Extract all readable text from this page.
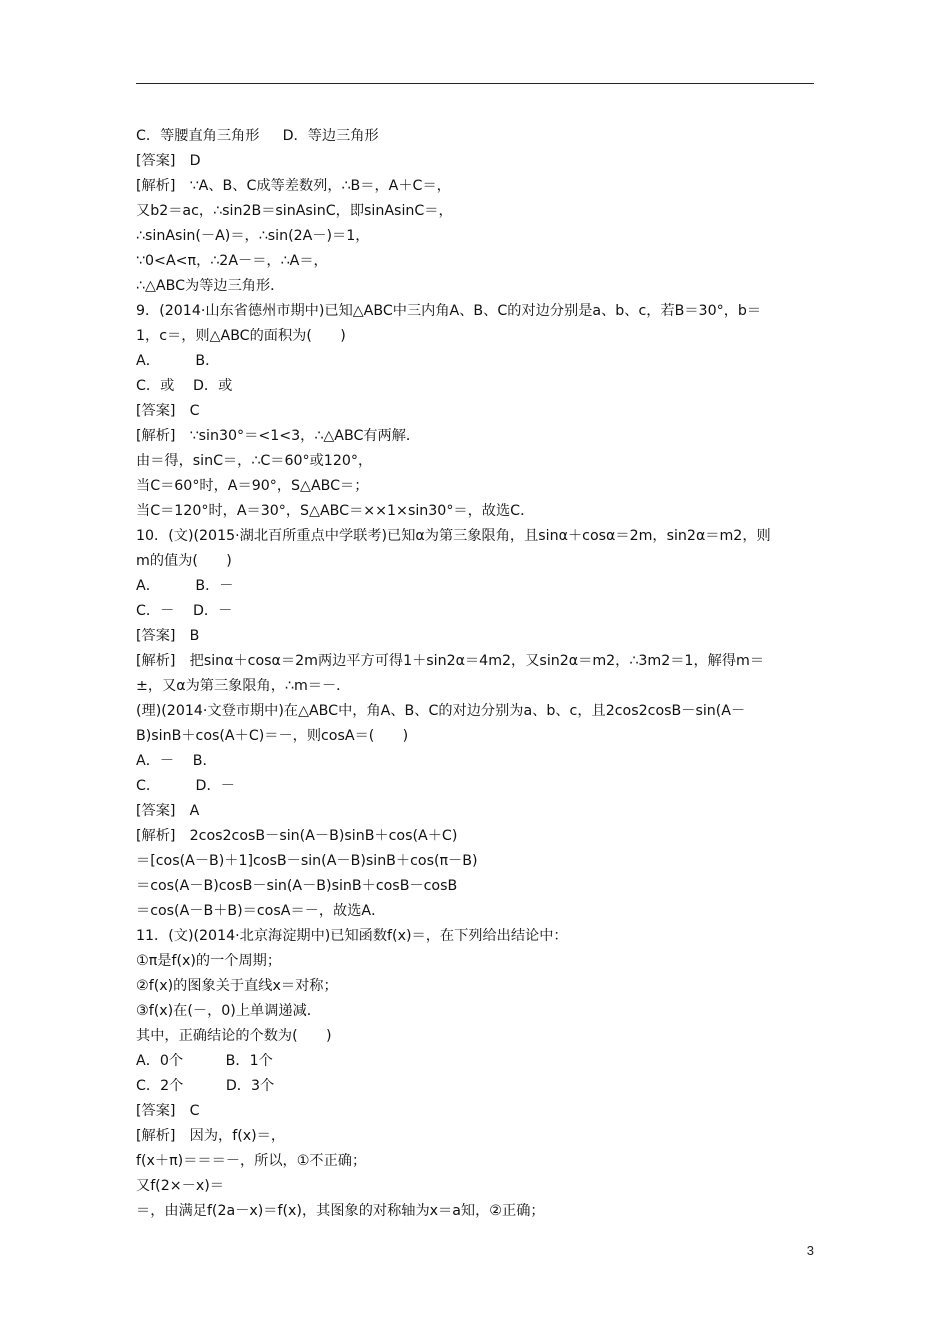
C．等腰直角三角形　  D．等边三角形
[答案]　D
[解析]　∵A、B、C成等差数列，∴B＝，A＋C＝，
又b2＝ac，∴sin2B＝sinAsinC，即sinAsinC＝，
∴sinAsin(－A)＝，∴sin(2A－)＝1，
∵0<A<π，∴2A－＝，∴A＝，
∴△ABC为等边三角形．
9．(2014·山东省德州市期中)已知△ABC中三内角A、B、C的对边分别是a、b、c，若B＝30°，b＝
1，c＝，则△ABC的面积为(　　)
A．　　　B．
C．或　 D．或
[答案]　C
[解析]　∵sin30°＝<1<3，∴△ABC有两解．
由＝得，sinC＝，∴C＝60°或120°，
当C＝60°时，A＝90°，S△ABC＝；
当C＝120°时，A＝30°，S△ABC＝××1×sin30°＝，故选C．
10．(文)(2015·湖北百所重点中学联考)已知α为第三象限角，且sinα＋cosα＝2m，sin2α＝m2，则
m的值为(　　)
A．　　　B．－
C．－　 D．－
[答案]　B
[解析]　把sinα＋cosα＝2m两边平方可得1＋sin2α＝4m2，又sin2α＝m2，∴3m2＝1，解得m＝
±，又α为第三象限角，∴m＝－．
(理)(2014·文登市期中)在△ABC中，角A、B、C的对边分别为a、b、c，且2cos2cosB－sin(A－
B)sinB＋cos(A＋C)＝－，则cosA＝(　　)
A．－　 B．
C．　　　D．－
[答案]　A
[解析]　2cos2cosB－sin(A－B)sinB＋cos(A＋C)
＝[cos(A－B)＋1]cosB－sin(A－B)sinB＋cos(π－B)
＝cos(A－B)cosB－sin(A－B)sinB＋cosB－cosB
＝cos(A－B＋B)＝cosA＝－，故选A．
11．(文)(2014·北京海淀期中)已知函数f(x)＝，在下列给出结论中：
①π是f(x)的一个周期；
②f(x)的图象关于直线x＝对称；
③f(x)在(－，0)上单调递减．
其中，正确结论的个数为(　　)
A．0个　　　B．1个
C．2个　　　D．3个
[答案]　C
[解析]　因为，f(x)＝，
f(x＋π)＝＝＝－，所以，①不正确；
又f(2×－x)＝
＝，由满足f(2a－x)＝f(x)，其图象的对称轴为x＝a知，②正确；
3
